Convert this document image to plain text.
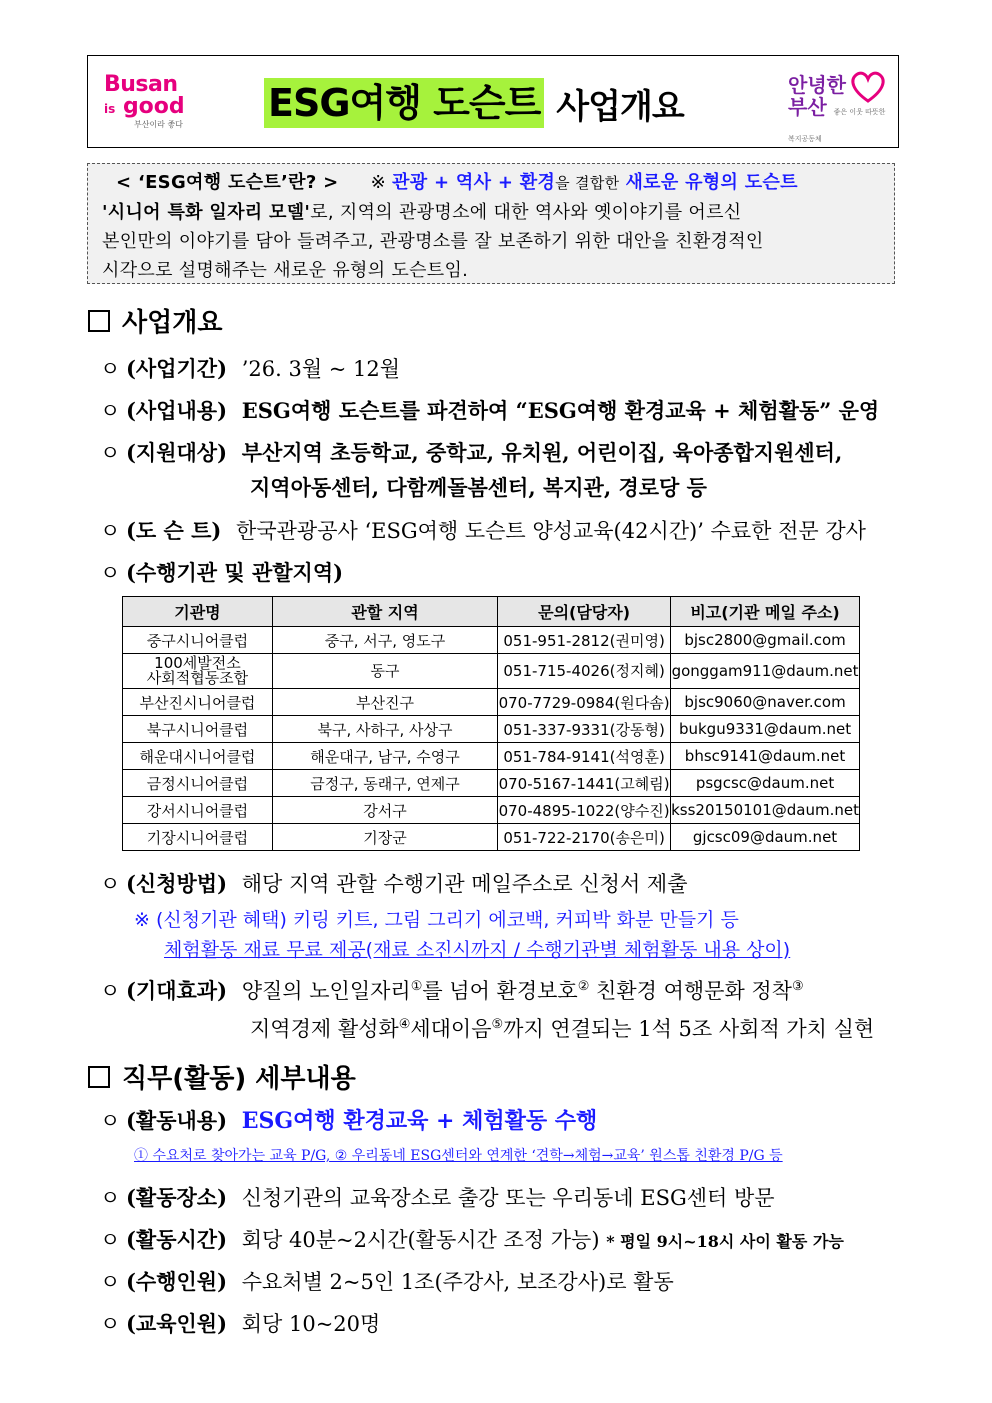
Busan
is good
부산이라 좋다 ESG여행 도슨트 사업개요
안녕한
부산 좋은 이웃 따뜻한 복지공동체

< ‘ESG여행 도슨트’란? > ※ 관광 + 역사 + 환경을 결합한 새로운 유형의 도슨트

'시니어 특화 일자리 모델'로, 지역의 관광명소에 대한 역사와 옛이야기를 어르신

본인만의 이야기를 담아 들려주고, 관광명소를 잘 보존하기 위한 대안을 친환경적인

시각으로 설명해주는 새로운 유형의 도슨트임.

사업개요
ㅇ (사업기간) ’26. 3월 ~ 12월
ㅇ (사업내용) ESG여행 도슨트를 파견하여 “ESG여행 환경교육 + 체험활동” 운영
ㅇ (지원대상) 부산지역 초등학교, 중학교, 유치원, 어린이집, 육아종합지원센터,
지역아동센터, 다함께돌봄센터, 복지관, 경로당 등
ㅇ (도 슨 트) 한국관광공사 ‘ESG여행 도슨트 양성교육(42시간)’ 수료한 전문 강사
ㅇ (수행기관 및 관할지역)
기관명	관할 지역	문의(담당자)	비고(기관 메일 주소)
중구시니어클럽	중구, 서구, 영도구	051-951-2812(권미영)	bjsc2800@gmail.com
100세발전소
사회적협동조합	동구	051-715-4026(정지혜)	gonggam911@daum.net
부산진시니어클럽	부산진구	070-7729-0984(원다솜)	bjsc9060@naver.com
북구시니어클럽	북구, 사하구, 사상구	051-337-9331(강동형)	bukgu9331@daum.net
해운대시니어클럽	해운대구, 남구, 수영구	051-784-9141(석영훈)	bhsc9141@daum.net
금정시니어클럽	금정구, 동래구, 연제구	070-5167-1441(고혜림)	psgcsc@daum.net
강서시니어클럽	강서구	070-4895-1022(양수진)	kss20150101@daum.net
기장시니어클럽	기장군	051-722-2170(송은미)	gjcsc09@daum.net
ㅇ (신청방법) 해당 지역 관할 수행기관 메일주소로 신청서 제출
※ (신청기관 혜택) 키링 키트, 그림 그리기 에코백, 커피박 화분 만들기 등
체험활동 재료 무료 제공(재료 소진시까지 / 수행기관별 체험활동 내용 상이)
ㅇ (기대효과) 양질의 노인일자리①를 넘어 환경보호② 친환경 여행문화 정착③
지역경제 활성화④세대이음⑤까지 연결되는 1석 5조 사회적 가치 실현
직무(활동) 세부내용
ㅇ (활동내용) ESG여행 환경교육 + 체험활동 수행
① 수요처로 찾아가는 교육 P/G, ② 우리동네 ESG센터와 연계한 ‘견학→체험→교육’ 원스톱 친환경 P/G 등
ㅇ (활동장소) 신청기관의 교육장소로 출강 또는 우리동네 ESG센터 방문
ㅇ (활동시간) 회당 40분~2시간(활동시간 조정 가능) * 평일 9시~18시 사이 활동 가능
ㅇ (수행인원) 수요처별 2~5인 1조(주강사, 보조강사)로 활동
ㅇ (교육인원) 회당 10~20명
